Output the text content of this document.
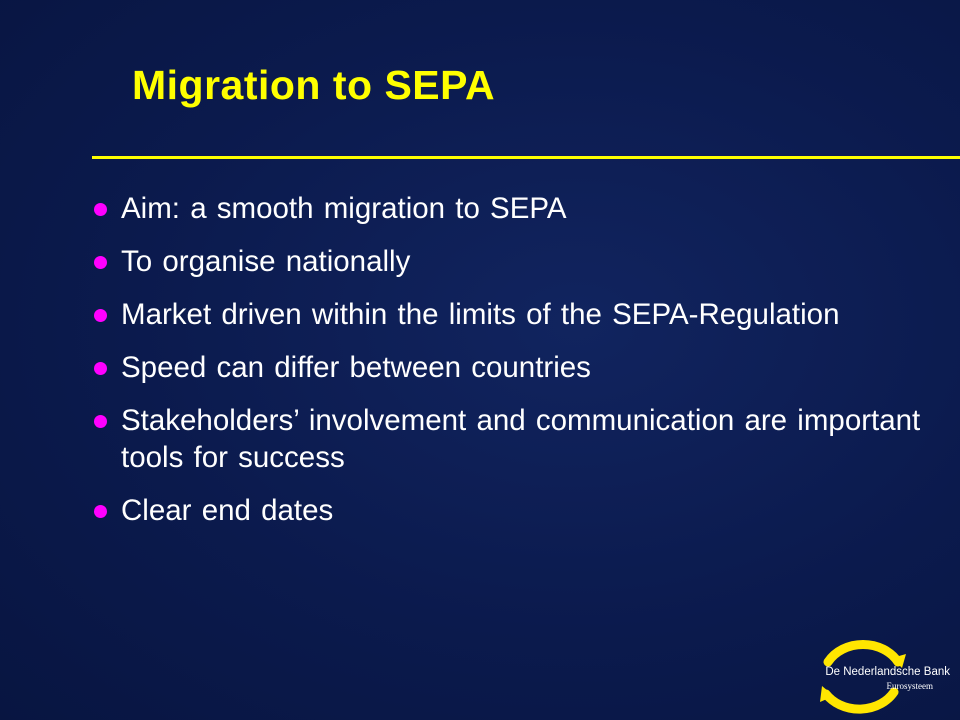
Migration to SEPA
Aim: a smooth migration to SEPA
To organise nationally
Market driven within the limits of the SEPA-Regulation
Speed can differ between countries
Stakeholders’ involvement and communication are important tools for success
Clear end dates
De Nederlandsche Bank
Eurosysteem
